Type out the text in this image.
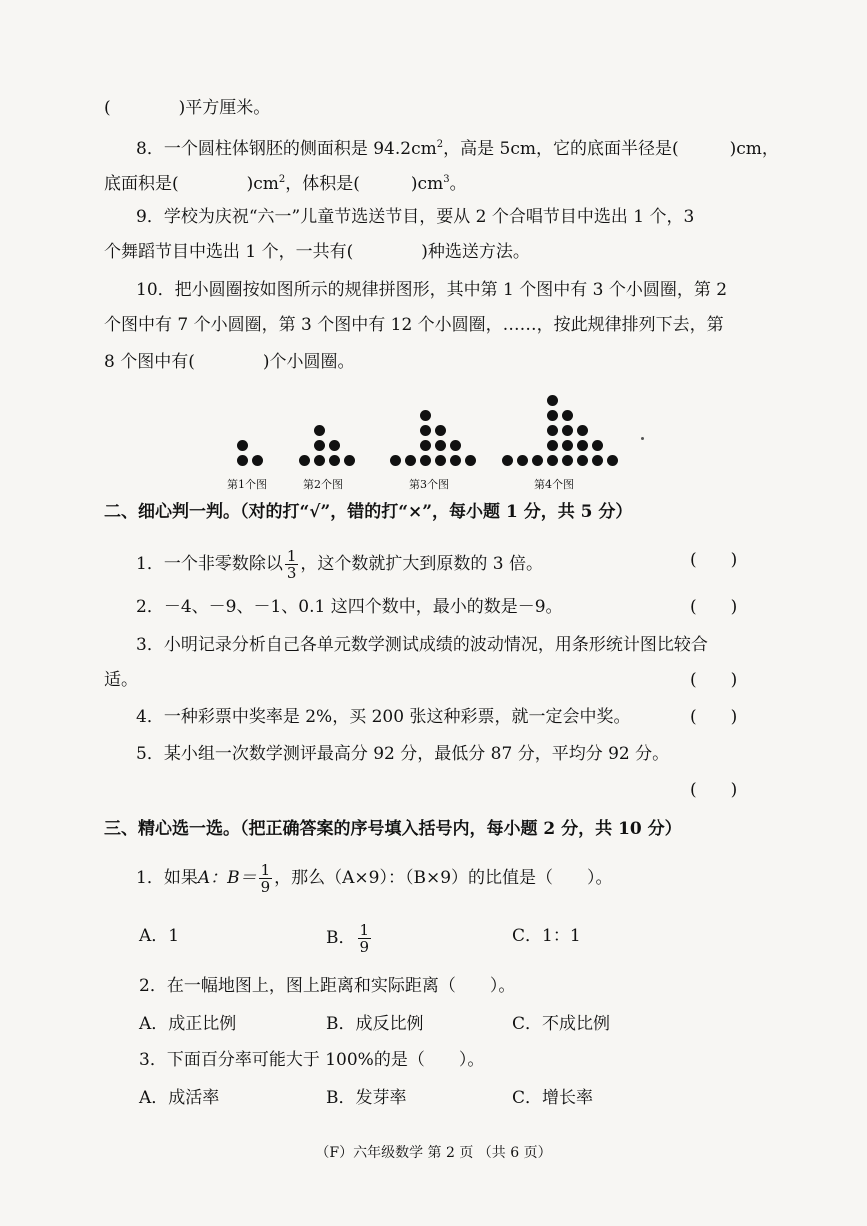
(　　　　)平方厘米。
8．一个圆柱体钢胚的侧面积是 $94.2cm^2$，高是 5cm，它的底面半径是(　　　)cm，
底面积是(　　　　)$cm^2$，体积是(　　　)$cm^3$。
9．学校为庆祝“六一”儿童节选送节目，要从 2 个合唱节目中选出 1 个，3
个舞蹈节目中选出 1 个，一共有(　　　　)种选送方法。
10．把小圆圈按如图所示的规律拼图形，其中第 1 个图中有 3 个小圆圈，第 2
个图中有 7 个小圆圈，第 3 个图中有 12 个小圆圈，……，按此规律排列下去，第
8 个图中有(　　　　)个小圆圈。
第1个图	第2个图	第3个图	第4个图
二、细心判一判。（对的打“√”，错的打“×”，每小题 1 分，共 5 分）
1．一个非零数除以 $\frac{1}{3}$ ，这个数就扩大到原数的 3 倍。	(　　)
2．－4、－9、－1、0.1 这四个数中，最小的数是－9。	(　　)
3．小明记录分析自己各单元数学测试成绩的波动情况，用条形统计图比较合
适。	(　　)
4．一种彩票中奖率是 2%，买 200 张这种彩票，就一定会中奖。	(　　)
5．某小组一次数学测评最高分 92 分，最低分 87 分，平均分 92 分。
(　　)
三、精心选一选。（把正确答案的序号填入括号内，每小题 2 分，共 10 分）
1．如果A：$B= \frac{1}{9}$ ，那么（A×9）：（B×9）的比值是（　　）。
A．1	B． $\frac{1}{9}$	C．1：1
2．在一幅地图上，图上距离和实际距离（　　）。
A．成正比例	B．成反比例	C．不成比例
3．下面百分率可能大于 100%的是（　　）。
A．成活率	B．发芽率	C．增长率
（F）六年级数学 第 2 页 （共 6 页）
